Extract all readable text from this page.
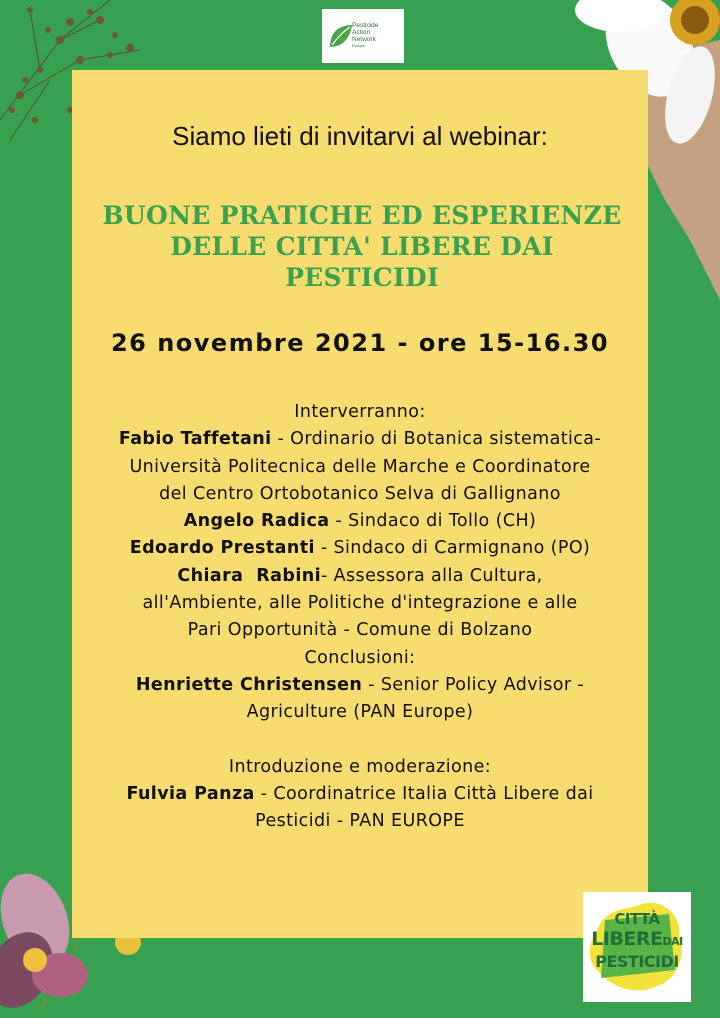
Pesticide
Action
Network
Europe
Siamo lieti di invitarvi al webinar:
BUONE PRATICHE ED ESPERIENZE
DELLE CITTA' LIBERE DAI
PESTICIDI
26 novembre 2021 - ore 15-16.30
Interverranno:
Fabio Taffetani - Ordinario di Botanica sistematica-
Università Politecnica delle Marche e Coordinatore
del Centro Ortobotanico Selva di Gallignano
Angelo Radica - Sindaco di Tollo (CH)
Edoardo Prestanti - Sindaco di Carmignano (PO)
Chiara  Rabini- Assessora alla Cultura,
all'Ambiente, alle Politiche d'integrazione e alle
Pari Opportunità - Comune di Bolzano
Conclusioni:
Henriette Christensen - Senior Policy Advisor -
Agriculture (PAN Europe)
Introduzione e moderazione:
Fulvia Panza - Coordinatrice Italia Città Libere dai
Pesticidi - PAN EUROPE
CITTÀ
LIBEREDAI
PESTICIDI
